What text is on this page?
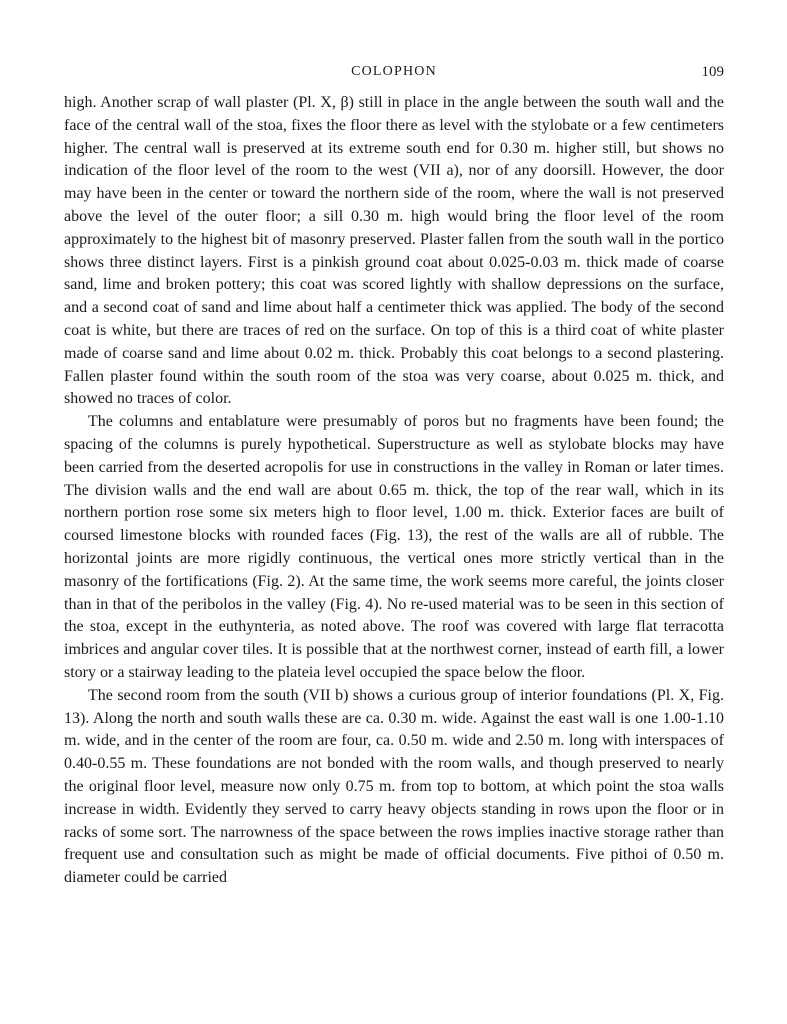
COLOPHON	109

high. Another scrap of wall plaster (Pl. X, β) still in place in the angle between the south wall and the face of the central wall of the stoa, fixes the floor there as level with the stylobate or a few centimeters higher. The central wall is preserved at its extreme south end for 0.30 m. higher still, but shows no indication of the floor level of the room to the west (VII a), nor of any doorsill. However, the door may have been in the center or toward the northern side of the room, where the wall is not preserved above the level of the outer floor; a sill 0.30 m. high would bring the floor level of the room approximately to the highest bit of masonry preserved. Plaster fallen from the south wall in the portico shows three distinct layers. First is a pinkish ground coat about 0.025-0.03 m. thick made of coarse sand, lime and broken pottery; this coat was scored lightly with shallow depressions on the surface, and a second coat of sand and lime about half a centimeter thick was applied. The body of the second coat is white, but there are traces of red on the surface. On top of this is a third coat of white plaster made of coarse sand and lime about 0.02 m. thick. Probably this coat belongs to a second plastering. Fallen plaster found within the south room of the stoa was very coarse, about 0.025 m. thick, and showed no traces of color.

The columns and entablature were presumably of poros but no fragments have been found; the spacing of the columns is purely hypothetical. Superstructure as well as stylobate blocks may have been carried from the deserted acropolis for use in constructions in the valley in Roman or later times. The division walls and the end wall are about 0.65 m. thick, the top of the rear wall, which in its northern portion rose some six meters high to floor level, 1.00 m. thick. Exterior faces are built of coursed limestone blocks with rounded faces (Fig. 13), the rest of the walls are all of rubble. The horizontal joints are more rigidly continuous, the vertical ones more strictly vertical than in the masonry of the fortifications (Fig. 2). At the same time, the work seems more careful, the joints closer than in that of the peribolos in the valley (Fig. 4). No re-used material was to be seen in this section of the stoa, except in the euthynteria, as noted above. The roof was covered with large flat terracotta imbrices and angular cover tiles. It is possible that at the northwest corner, instead of earth fill, a lower story or a stairway leading to the plateia level occupied the space below the floor.

The second room from the south (VII b) shows a curious group of interior foundations (Pl. X, Fig. 13). Along the north and south walls these are ca. 0.30 m. wide. Against the east wall is one 1.00-1.10 m. wide, and in the center of the room are four, ca. 0.50 m. wide and 2.50 m. long with interspaces of 0.40-0.55 m. These foundations are not bonded with the room walls, and though preserved to nearly the original floor level, measure now only 0.75 m. from top to bottom, at which point the stoa walls increase in width. Evidently they served to carry heavy objects standing in rows upon the floor or in racks of some sort. The narrowness of the space between the rows implies inactive storage rather than frequent use and consultation such as might be made of official documents. Five pithoi of 0.50 m. diameter could be carried
